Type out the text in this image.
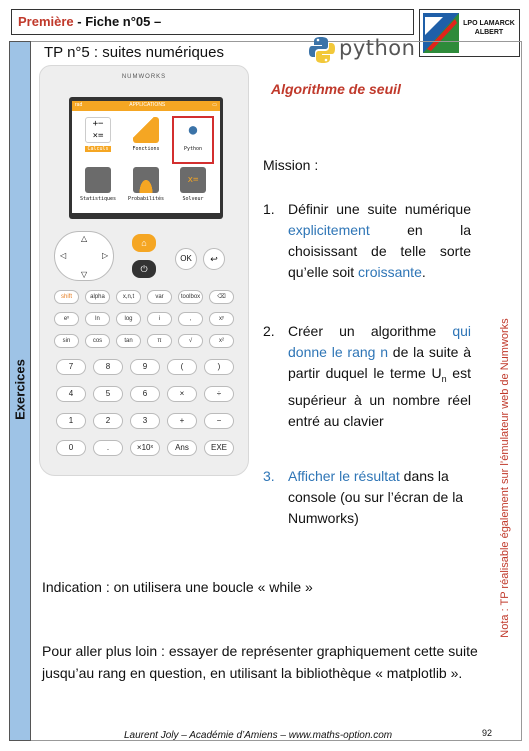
Première - Fiche n°05 –	LPO LAMARCK
ALBERT
Exercices
TP n°5 : suites numériques	python
NUMWORKS
rad	APPLICATIONS	▭
+−
×=
Calculs	Fonctions
●
Python
Statistiques	Probabilités
x=
Solveur
△
▽
◁	▷
⌂
⏻
OK	↩
shift	alpha	x,n,t	var	toolbox	⌫
eˣ	ln	log	i	,	xʸ
sin	cos	tan	π	√	x²
7	8	9	(	)
4	5	6	×	÷
1	2	3	+	−
0	.	×10ˣ	Ans	EXE
Algorithme de seuil
Mission :
1. Définir une suite numérique explicitement en la choisissant de telle sorte qu’elle soit croissante.
2. Créer un algorithme qui donne le rang n de la suite à partir duquel le terme $U_n$ est supérieur à un nombre réel entré au clavier
3. Afficher le résultat dans la console (ou sur l’écran de la Numworks)	Nota : TP réalisable également sur l’émulateur web de Numworks
Indication : on utilisera une boucle « while »
Pour aller plus loin : essayer de représenter graphiquement cette suite jusqu’au rang en question, en utilisant la bibliothèque « matplotlib ».
Laurent Joly – Académie d’Amiens – www.maths-option.com	92
